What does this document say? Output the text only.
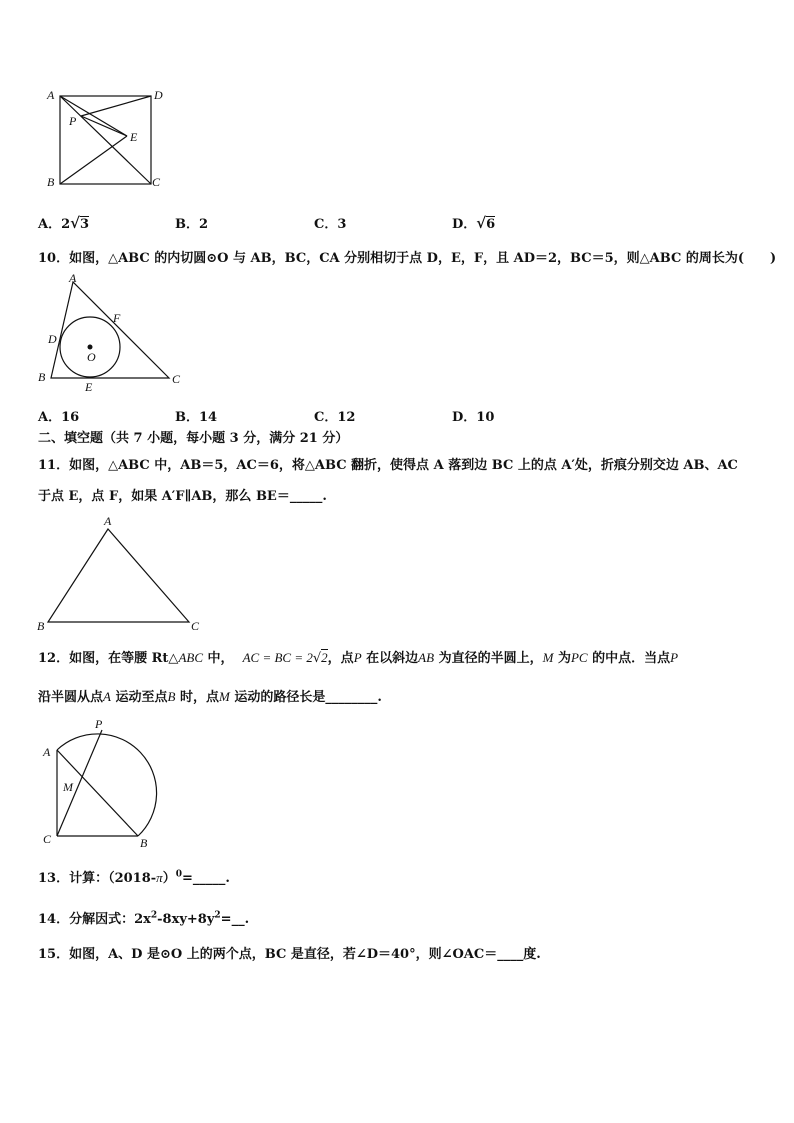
A	D
P
E
B	C
A．2√3	B．2	C．3	D．√6
10．如图，△ABC 的内切圆⊙O 与 AB，BC，CA 分别相切于点 D，E，F，且 AD＝2，BC＝5，则△ABC 的周长为(　　)
A
F
D
O
B
E
C
A．16	B．14	C．12	D．10
二、填空题（共 7 小题，每小题 3 分，满分 21 分）
11．如图，△ABC 中，AB＝5，AC＝6，将△ABC 翻折，使得点 A 落到边 BC 上的点 A′处，折痕分别交边 AB、AC
于点 E，点 F，如果 A′F∥AB，那么 BE＝_____.
A
B	C
12．如图，在等腰 Rt△ABC 中， AC = BC = 2√2，点P 在以斜边AB 为直径的半圆上，M 为PC 的中点．当点P
沿半圆从点A 运动至点B 时，点M 运动的路径长是________.
P
A
M
C	B
13．计算：$(2018-\pi)^0=\_\_\_\_\_$.
14．分解因式：$2x^2-8xy+8y^2=\_\_$.
15．如图，A、D 是⊙O 上的两个点，BC 是直径，若∠D＝40°，则∠OAC＝____度.
